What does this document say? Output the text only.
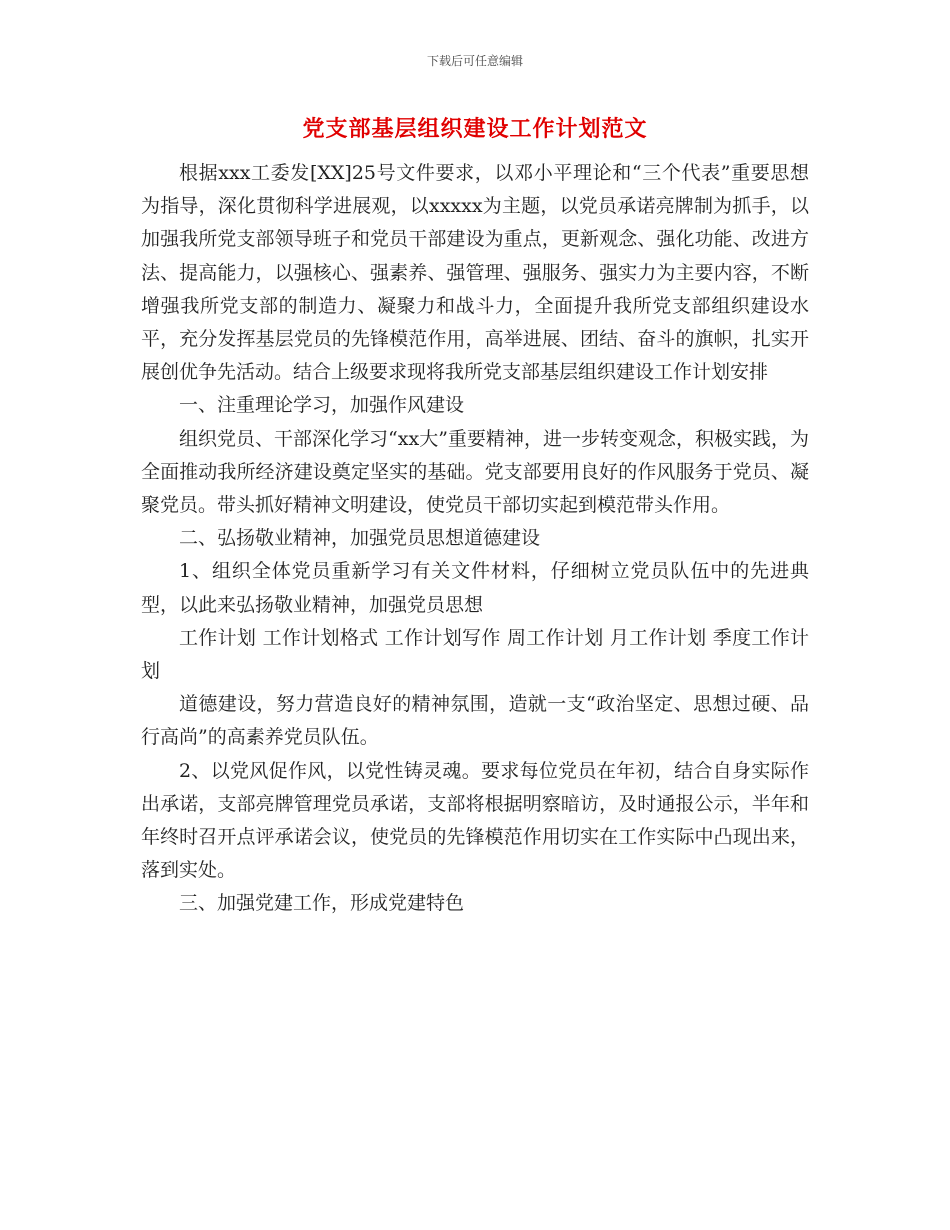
下载后可任意编辑
党支部基层组织建设工作计划范文

根据xxx工委发[XX]25号文件要求，以邓小平理论和“三个代表”重要思想为指导，深化贯彻科学进展观，以xxxxx为主题，以党员承诺亮牌制为抓手，以加强我所党支部领导班子和党员干部建设为重点，更新观念、强化功能、改进方法、提高能力，以强核心、强素养、强管理、强服务、强实力为主要内容，不断增强我所党支部的制造力、凝聚力和战斗力，全面提升我所党支部组织建设水平，充分发挥基层党员的先锋模范作用，高举进展、团结、奋斗的旗帜，扎实开展创优争先活动。结合上级要求现将我所党支部基层组织建设工作计划安排

一、注重理论学习，加强作风建设

组织党员、干部深化学习“xx大”重要精神，进一步转变观念，积极实践，为全面推动我所经济建设奠定坚实的基础。党支部要用良好的作风服务于党员、凝聚党员。带头抓好精神文明建设，使党员干部切实起到模范带头作用。

二、弘扬敬业精神，加强党员思想道德建设

1、组织全体党员重新学习有关文件材料，仔细树立党员队伍中的先进典型，以此来弘扬敬业精神，加强党员思想

工作计划 工作计划格式 工作计划写作 周工作计划 月工作计划 季度工作计划

道德建设，努力营造良好的精神氛围，造就一支“政治坚定、思想过硬、品行高尚”的高素养党员队伍。

2、以党风促作风，以党性铸灵魂。要求每位党员在年初，结合自身实际作出承诺，支部亮牌管理党员承诺，支部将根据明察暗访，及时通报公示，半年和年终时召开点评承诺会议，使党员的先锋模范作用切实在工作实际中凸现出来，落到实处。

三、加强党建工作，形成党建特色
